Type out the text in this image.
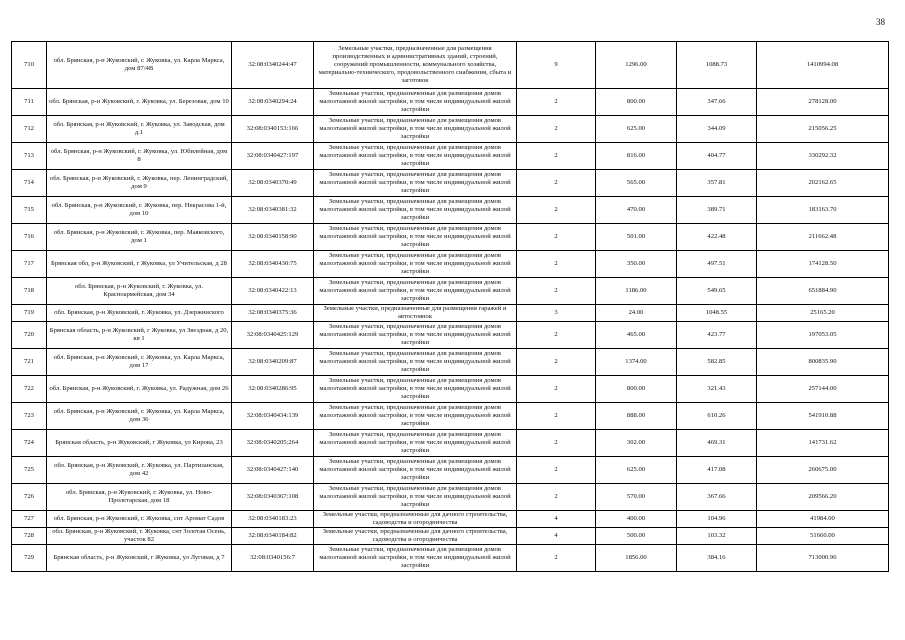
38
710	обл. Брянская, р-н Жуковский, г. Жуковка, ул. Карла Маркса, дом 87/4В	32:08:0340244:47	Земельные участки, предназначенные для размещения производственных и административных зданий, строений, сооружений промышленности, коммунального хозяйства, материально-технического, продовольственного снабжения, сбыта и заготовок	9	1296.00	1088.73	1410994.08
711	обл. Брянская, р-н Жуковский, г. Жуковка, ул. Березовая, дом 10	32:08:0340294:24	Земельные участки, предназначенные для размещения домов малоэтажной жилой застройки, в том числе индивидуальной жилой застройки	2	800.00	347.66	278128.00
712	обл. Брянская, р-н Жуковский, г. Жуковка, ул. Заводская, дом д.1	32:08:0340153:166	Земельные участки, предназначенные для размещения домов малоэтажной жилой застройки, в том числе индивидуальной жилой застройки	2	625.00	344.09	215056.25
713	обл. Брянская, р-н Жуковский, г. Жуковка, ул. Юбилейная, дом 8	32:08:0340427:197	Земельные участки, предназначенные для размещения домов малоэтажной жилой застройки, в том числе индивидуальной жилой застройки	2	816.00	404.77	330292.32
714	обл. Брянская, р-н Жуковский, г. Жуковка, пер. Ленинградский, дом 9	32:08:0340370:49	Земельные участки, предназначенные для размещения домов малоэтажной жилой застройки, в том числе индивидуальной жилой застройки	2	565.00	357.81	202162.65
715	обл. Брянская, р-н Жуковский, г. Жуковка, пер. Некрасова 1-й, дом 10	32:08:0340381:32	Земельные участки, предназначенные для размещения домов малоэтажной жилой застройки, в том числе индивидуальной жилой застройки	2	470.00	389.71	183163.70
716	обл. Брянская, р-н Жуковский, г. Жуковка, пер. Маяковского, дом 1	32:08:0340158:90	Земельные участки, предназначенные для размещения домов малоэтажной жилой застройки, в том числе индивидуальной жилой застройки	2	501.00	422.48	211662.48
717	Брянская обл, р-н Жуковский, г Жуковка, ул Учительская, д 28	32:08:0340430:75	Земельные участки, предназначенные для размещения домов малоэтажной жилой застройки, в том числе индивидуальной жилой застройки	2	350.00	497.51	174128.50
718	обл. Брянская, р-н Жуковский, г. Жуковка, ул. Красноармейская, дом 34	32:08:0340422:13	Земельные участки, предназначенные для размещения домов малоэтажной жилой застройки, в том числе индивидуальной жилой застройки	2	1186.00	549.65	651884.90
719	обл. Брянская, р-н Жуковский, г. Жуковка, ул. Дзержинского	32:08:0340375:36	Земельные участки, предназначенные для размещения гаражей и автостоянок	3	24.00	1048.55	25165.20
720	Брянская область, р-н Жуковский, г Жуковка, ул Звездная, д 20, кв 1	32:08:0340425:129	Земельные участки, предназначенные для размещения домов малоэтажной жилой застройки, в том числе индивидуальной жилой застройки	2	465.00	423.77	197053.05
721	обл. Брянская, р-н Жуковский, г. Жуковка, ул. Карла Маркса, дом 17	32:08:0340209:87	Земельные участки, предназначенные для размещения домов малоэтажной жилой застройки, в том числе индивидуальной жилой застройки	2	1374.00	582.85	800835.90
722	обл. Брянская, р-н Жуковский, г. Жуковка, ул. Радужная, дом 26	32:08:0340286:95	Земельные участки, предназначенные для размещения домов малоэтажной жилой застройки, в том числе индивидуальной жилой застройки	2	800.00	321.43	257144.00
723	обл. Брянская, р-н Жуковский, г. Жуковка, ул. Карла Маркса, дом 36	32:08:0340434:139	Земельные участки, предназначенные для размещения домов малоэтажной жилой застройки, в том числе индивидуальной жилой застройки	2	888.00	610.26	541910.88
724	Брянская область, р-н Жуковский, г Жуковка, ул Кирова, 23	32:08:0340205:264	Земельные участки, предназначенные для размещения домов малоэтажной жилой застройки, в том числе индивидуальной жилой застройки	2	302.00	469.31	141731.62
725	обл. Брянская, р-н Жуковский, г. Жуковка, ул. Партизанская, дом 42	32:08:0340427:140	Земельные участки, предназначенные для размещения домов малоэтажной жилой застройки, в том числе индивидуальной жилой застройки	2	625.00	417.08	260675.00
726	обл. Брянская, р-н Жуковский, г. Жуковка, ул. Ново-Пролетарская, дом 18	32:08:0340367:108	Земельные участки, предназначенные для размещения домов малоэтажной жилой застройки, в том числе индивидуальной жилой застройки	2	570.00	367.66	209566.20
727	обл. Брянская, р-н Жуковский, г. Жуковка, снт Аромат Садов	32:08:0340183:23	Земельные участки, предназначенные для дачного строительства, садоводства и огородничества	4	400.00	104.96	41984.00
728	обл. Брянская, р-н Жуковский, г. Жуковка, снт Золотая Осень, участок 82	32:08:0340184:82	Земельные участки, предназначенные для дачного строительства, садоводства и огородничества	4	500.00	103.32	51660.00
729	Брянская область, р-н Жуковский, г Жуковка, ул Луговая, д 7	32:08:0340156:7	Земельные участки, предназначенные для размещения домов малоэтажной жилой застройки, в том числе индивидуальной жилой застройки	2	1856.00	384.16	713000.96
